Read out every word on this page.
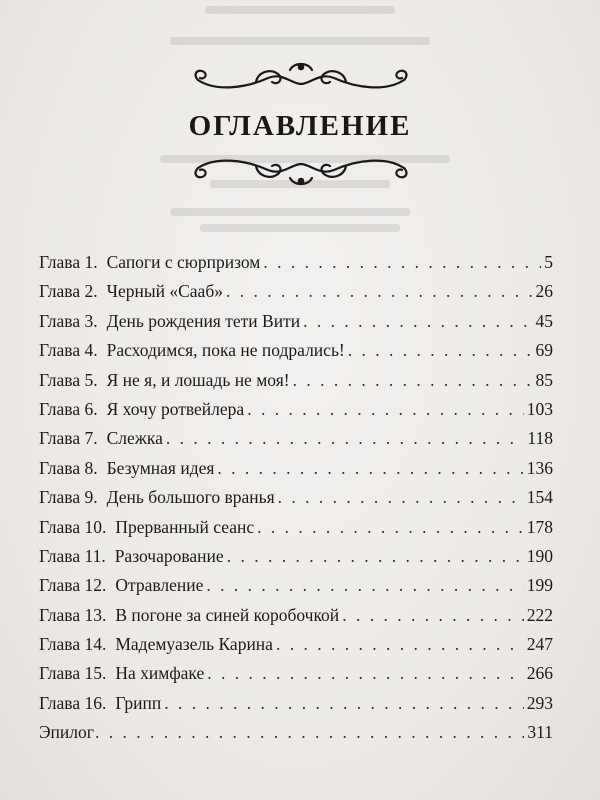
ОГЛАВЛЕНИЕ
Глава 1. Сапоги с сюрпризом . . .	5
Глава 2. Черный «Сааб» . . .	26
Глава 3. День рождения тети Вити . . .	45
Глава 4. Расходимся, пока не подрались! . . .	69
Глава 5. Я не я, и лошадь не моя! . . .	85
Глава 6. Я хочу ротвейлера . . .	103
Глава 7. Слежка . . .	118
Глава 8. Безумная идея . . .	136
Глава 9. День большого вранья . . .	154
Глава 10. Прерванный сеанс . . .	178
Глава 11. Разочарование . . .	190
Глава 12. Отравление . . .	199
Глава 13. В погоне за синей коробочкой . . .	222
Глава 14. Мадемуазель Карина . . .	247
Глава 15. На химфаке . . .	266
Глава 16. Грипп . . .	293
Эпилог . . .	311
